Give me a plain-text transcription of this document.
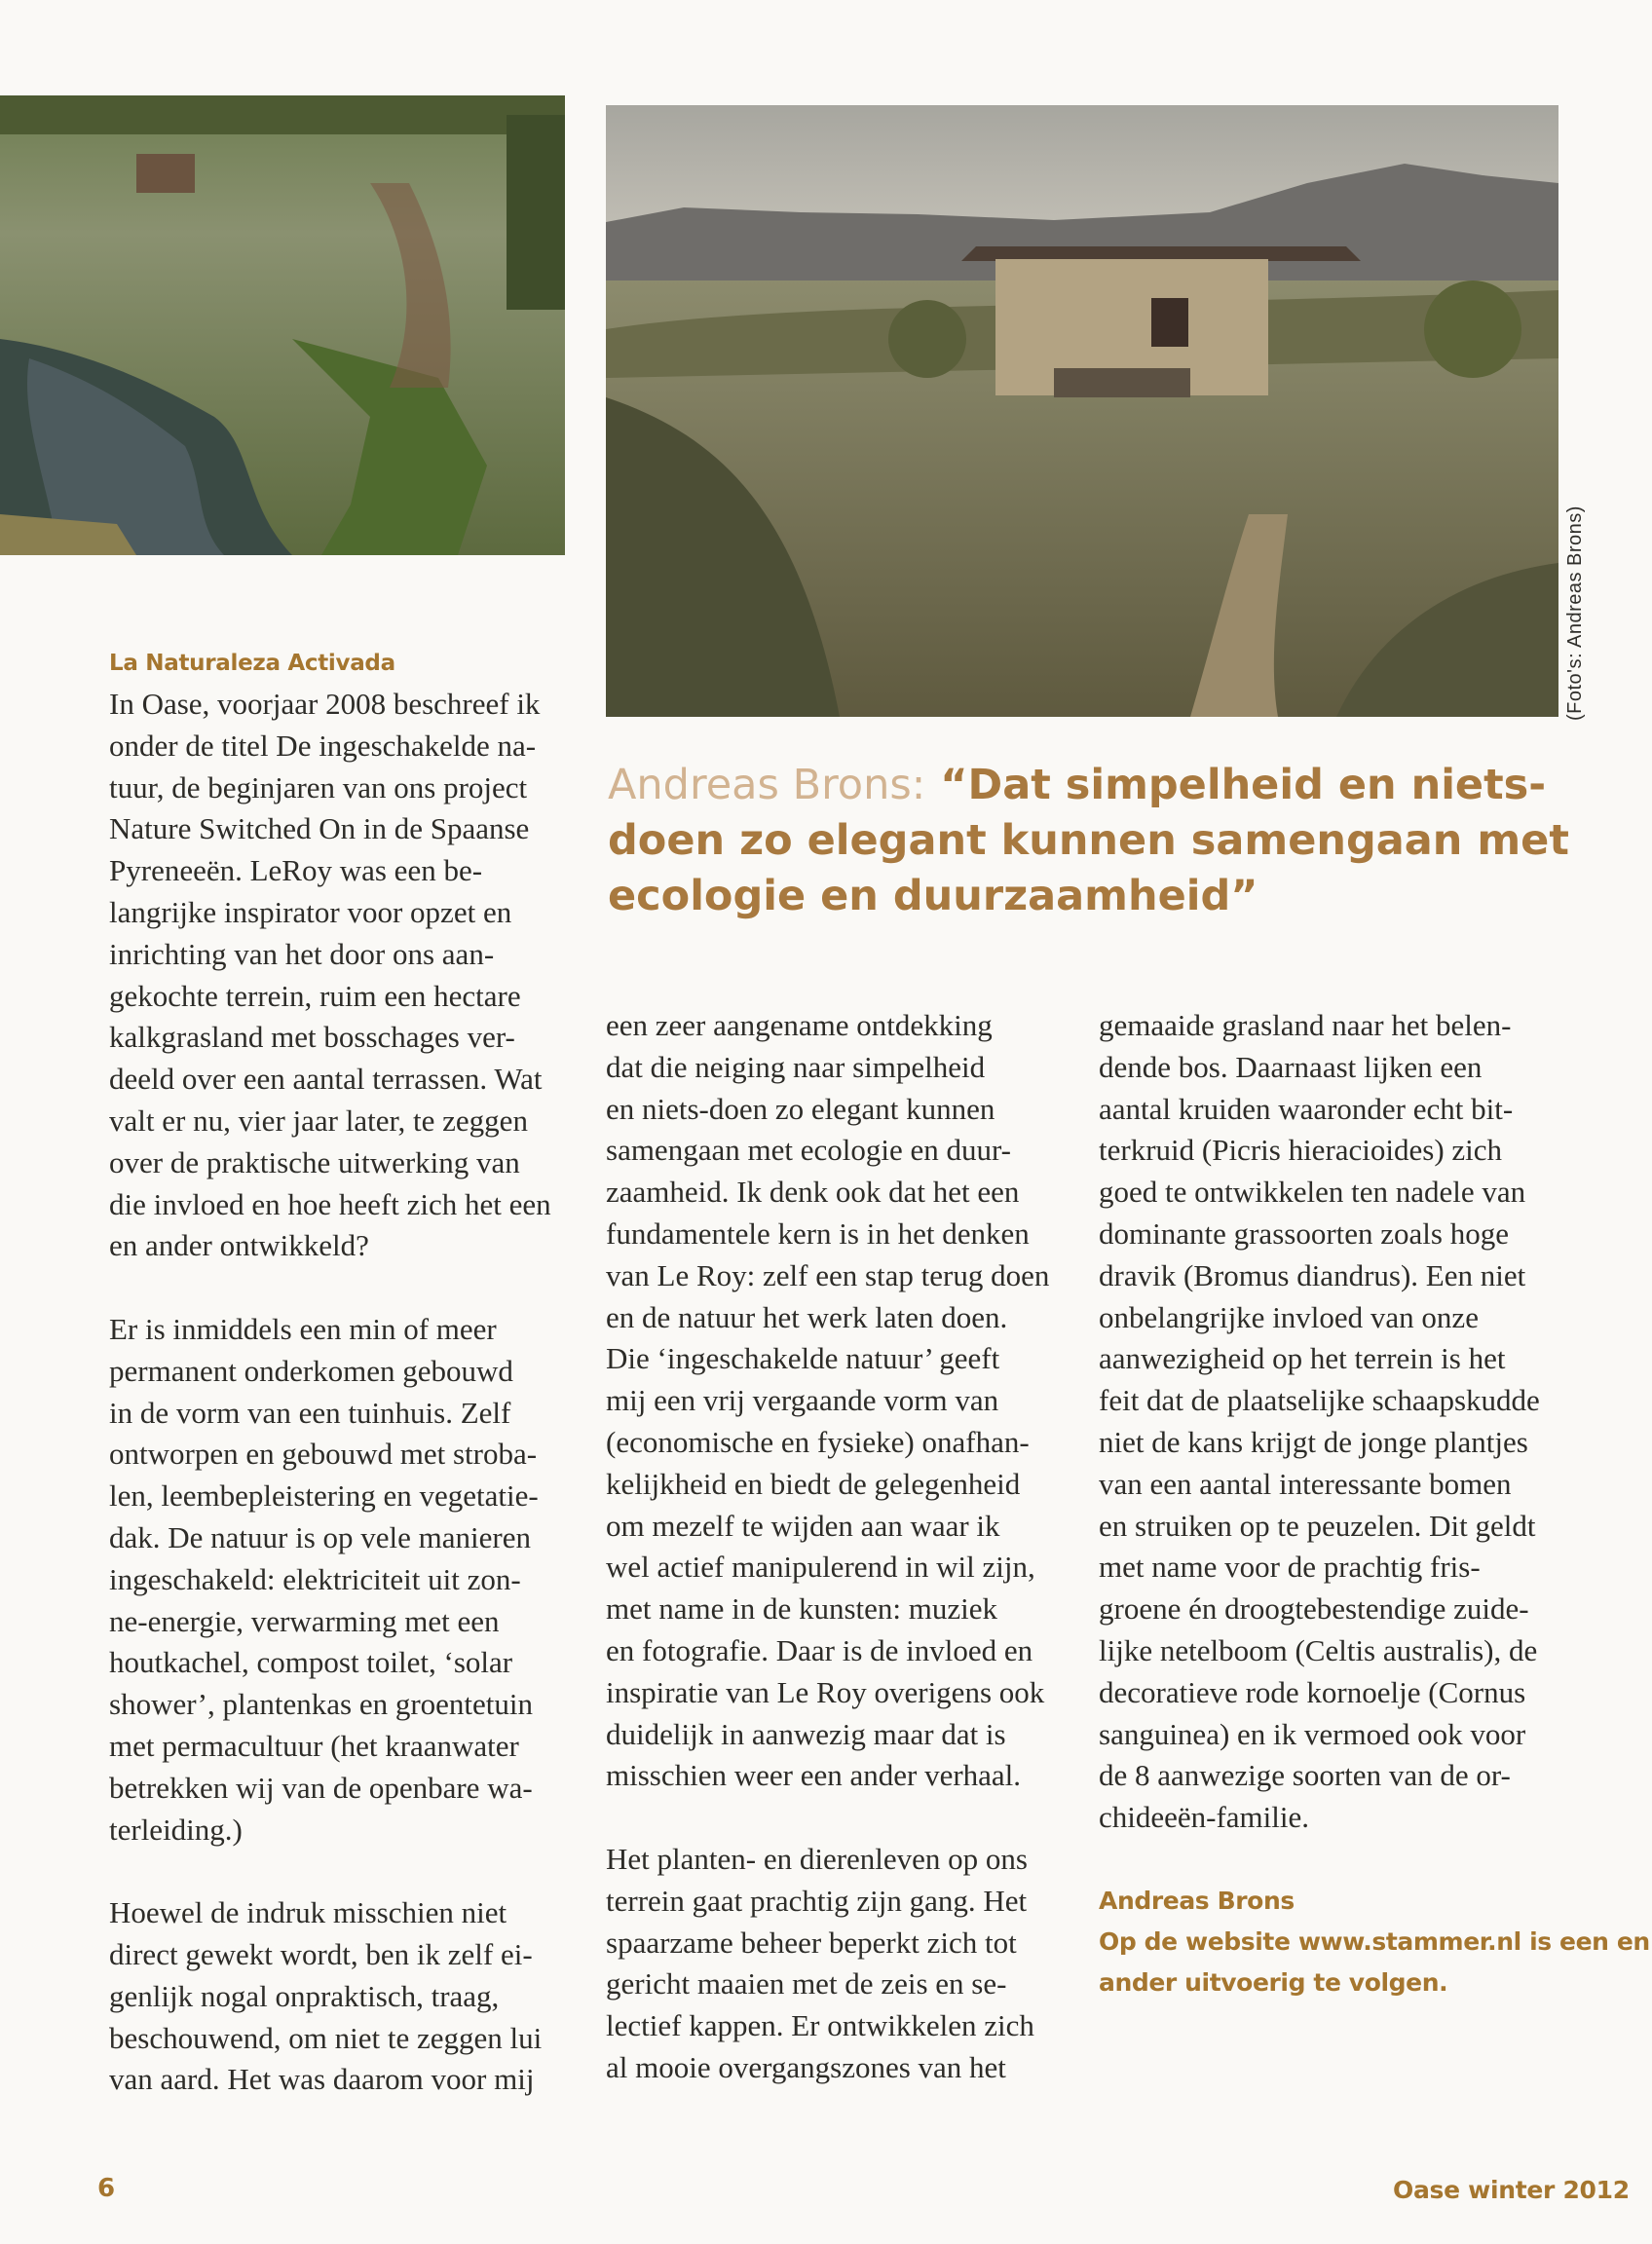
(Foto's: Andreas Brons)
Andreas Brons: “Dat simpelheid en niets-doen zo elegant kunnen samengaan met ecologie en duurzaamheid”
La Naturaleza Activada

In Oase, voorjaar 2008 beschreef ik
onder de titel De ingeschakelde na-
tuur, de beginjaren van ons project
Nature Switched On in de Spaanse
Pyreneeën. LeRoy was een be-
langrijke inspirator voor opzet en
inrichting van het door ons aan-
gekochte terrein, ruim een hectare
kalkgrasland met bosschages ver-
deeld over een aantal terrassen. Wat
valt er nu, vier jaar later, te zeggen
over de praktische uitwerking van
die invloed en hoe heeft zich het een
en ander ontwikkeld?

Er is inmiddels een min of meer
permanent onderkomen gebouwd
in de vorm van een tuinhuis. Zelf
ontworpen en gebouwd met stroba-
len, leembepleistering en vegetatie-
dak. De natuur is op vele manieren
ingeschakeld: elektriciteit uit zon-
ne-energie, verwarming met een
houtkachel, compost toilet, ‘solar
shower’, plantenkas en groentetuin
met permacultuur (het kraanwater
betrekken wij van de openbare wa-
terleiding.)

Hoewel de indruk misschien niet
direct gewekt wordt, ben ik zelf ei-
genlijk nogal onpraktisch, traag,
beschouwend, om niet te zeggen lui
van aard. Het was daarom voor mij

een zeer aangename ontdekking
dat die neiging naar simpelheid
en niets-doen zo elegant kunnen
samengaan met ecologie en duur-
zaamheid. Ik denk ook dat het een
fundamentele kern is in het denken
van Le Roy: zelf een stap terug doen
en de natuur het werk laten doen.
Die ‘ingeschakelde natuur’ geeft
mij een vrij vergaande vorm van
(economische en fysieke) onafhan-
kelijkheid en biedt de gelegenheid
om mezelf te wijden aan waar ik
wel actief manipulerend in wil zijn,
met name in de kunsten: muziek
en fotografie. Daar is de invloed en
inspiratie van Le Roy overigens ook
duidelijk in aanwezig maar dat is
misschien weer een ander verhaal.

Het planten- en dierenleven op ons
terrein gaat prachtig zijn gang. Het
spaarzame beheer beperkt zich tot
gericht maaien met de zeis en se-
lectief kappen. Er ontwikkelen zich
al mooie overgangszones van het

gemaaide grasland naar het belen-
dende bos. Daarnaast lijken een
aantal kruiden waaronder echt bit-
terkruid (Picris hieracioides) zich
goed te ontwikkelen ten nadele van
dominante grassoorten zoals hoge
dravik (Bromus diandrus). Een niet
onbelangrijke invloed van onze
aanwezigheid op het terrein is het
feit dat de plaatselijke schaapskudde
niet de kans krijgt de jonge plantjes
van een aantal interessante bomen
en struiken op te peuzelen. Dit geldt
met name voor de prachtig fris-
groene én droogtebestendige zuide-
lijke netelboom (Celtis australis), de
decoratieve rode kornoelje (Cornus
sanguinea) en ik vermoed ook voor
de 8 aanwezige soorten van de or-
chideeën-familie.

Andreas Brons
Op de website www.stammer.nl is een en
ander uitvoerig te volgen.
6	Oase winter 2012
